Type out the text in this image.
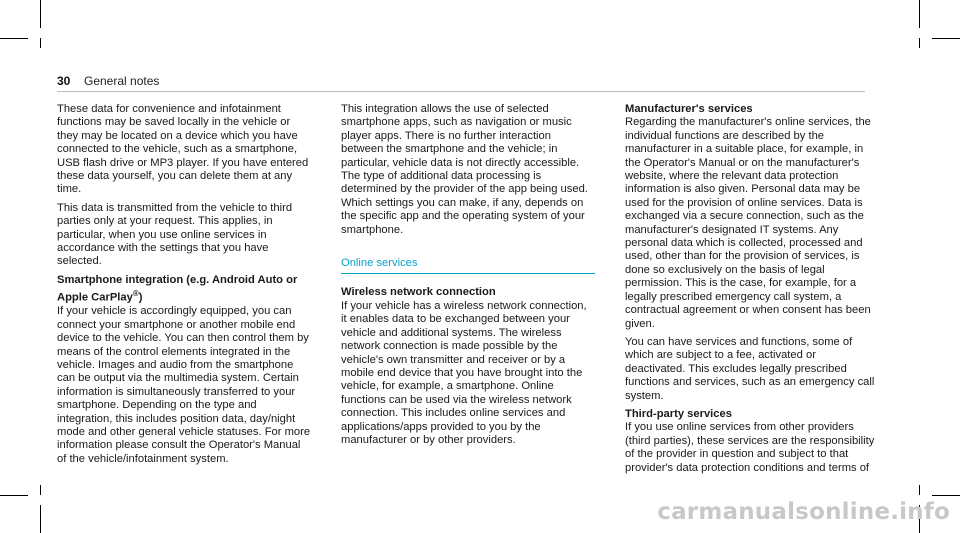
30 General notes

These data for convenience and infotainment functions may be saved locally in the vehicle or they may be located on a device which you have connected to the vehicle, such as a smartphone, USB flash drive or MP3 player. If you have entered these data yourself, you can delete them at any time.

This data is transmitted from the vehicle to third parties only at your request. This applies, in particular, when you use online services in accordance with the settings that you have selected.

Smartphone integration (e.g. Android Auto or
Apple CarPlay®)

If your vehicle is accordingly equipped, you can connect your smartphone or another mobile end device to the vehicle. You can then control them by means of the control elements integrated in the vehicle. Images and audio from the smartphone can be output via the multimedia system. Certain information is simultaneously transferred to your smartphone. Depending on the type and integration, this includes position data, day/night mode and other general vehicle statuses. For more information please consult the Operator's Manual of the vehicle/infotainment system.

This integration allows the use of selected smartphone apps, such as navigation or music player apps. There is no further interaction between the smartphone and the vehicle; in particular, vehicle data is not directly accessible. The type of additional data processing is determined by the provider of the app being used. Which settings you can make, if any, depends on the specific app and the operating system of your smartphone.

Online services
Wireless network connection

If your vehicle has a wireless network connection, it enables data to be exchanged between your vehicle and additional systems. The wireless network connection is made possible by the vehicle's own transmitter and receiver or by a mobile end device that you have brought into the vehicle, for example, a smartphone. Online functions can be used via the wireless network connection. This includes online services and applications/apps provided to you by the manufacturer or by other providers.

Manufacturer's services

Regarding the manufacturer's online services, the individual functions are described by the manufacturer in a suitable place, for example, in the Operator's Manual or on the manufacturer's website, where the relevant data protection information is also given. Personal data may be used for the provision of online services. Data is exchanged via a secure connection, such as the manufacturer's designated IT systems. Any personal data which is collected, processed and used, other than for the provision of services, is done so exclusively on the basis of legal permission. This is the case, for example, for a legally prescribed emergency call system, a contractual agreement or when consent has been given.

You can have services and functions, some of which are subject to a fee, activated or deactivated. This excludes legally prescribed functions and services, such as an emergency call system.

Third-party services

If you use online services from other providers (third parties), these services are the responsibility of the provider in question and subject to that provider's data protection conditions and terms of

carmanualsonline.info
